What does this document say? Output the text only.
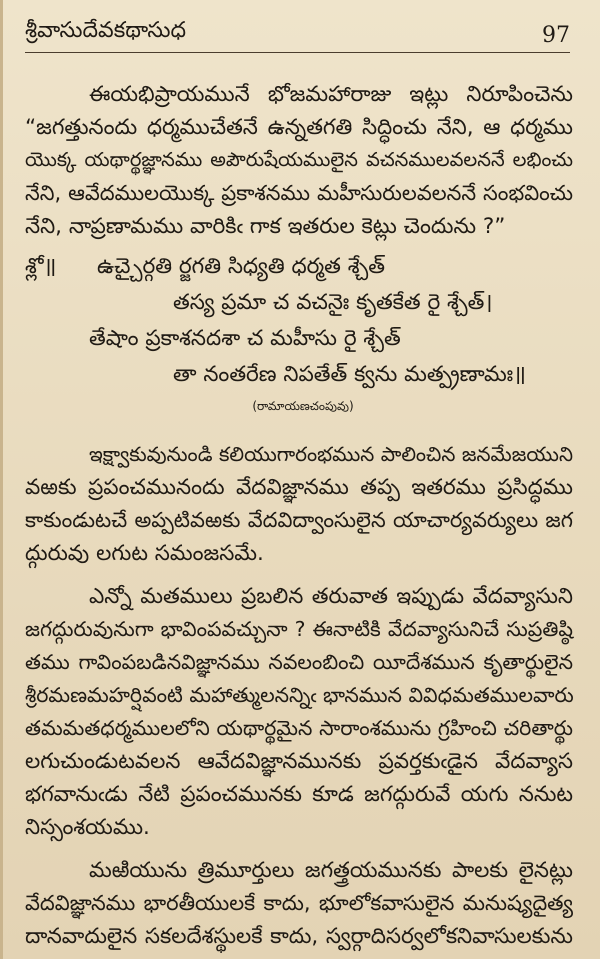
శ్రీవాసుదేవకథాసుధ	97
ఈయభిప్రాయమునే భోజమహారాజు ఇట్లు నిరూపించెను
“జగత్తునందు ధర్మముచేతనే ఉన్నతగతి సిద్ధించు నేని, ఆ ధర్మము
యొక్క యథార్థజ్ఞానము అపౌరుషేయములైన వచనములవలననే లభించు
నేని, ఆవేదములయొక్క ప్రకాశనము మహీసురులవలననే సంభవించు
నేని, నాప్రణామము వారికిఁ గాక ఇతరుల కెట్లు చెందును ?”
శ్లో॥ ఉచ్చైర్గతి ర్జగతి సిధ్యతి ధర్మత శ్చేత్
తస్య ప్రమా చ వచనైః కృతకేత రై శ్చేత్।
తేషాం ప్రకాశనదశా చ మహీసు రై శ్చేత్
తా నంతరేణ నిపతేత్ క్వను మత్ప్రణామః॥
(రామాయణచంపువు)
ఇక్ష్వాకువునుండి కలియుగారంభమున పాలించిన జనమేజయుని
వఱకు ప్రపంచమునందు వేదవిజ్ఞానము తప్ప ఇతరము ప్రసిద్ధము
కాకుండుటచే అప్పటివఱకు వేదవిద్వాంసులైన యాచార్యవర్యులు జగ
ద్గురువు లగుట సమంజసమే.
ఎన్నో మతములు ప్రబలిన తరువాత ఇప్పుడు వేదవ్యాసుని
జగద్గురువునుగా భావింపవచ్చునా ? ఈనాటికి వేదవ్యాసునిచే సుప్రతిష్ఠి
తము గావింపబడినవిజ్ఞానము నవలంబించి యీదేశమున కృతార్థులైన
శ్రీరమణమహర్షివంటి మహాత్ములనన్నిఁ భానమున వివిధమతములవారు
తమమతధర్మములలోని యథార్థమైన సారాంశమును గ్రహించి చరితార్థు
లగుచుండుటవలన ఆవేదవిజ్ఞానమునకు ప్రవర్తకుఁడైన వేదవ్యాస
భగవానుఁడు నేటి ప్రపంచమునకు కూడ జగద్గురువే యగు ననుట
నిస్సంశయము.
మఱియును త్రిమూర్తులు జగత్త్రయమునకు పాలకు లైనట్లు
వేదవిజ్ఞానము భారతీయులకే కాదు, భూలోకవాసులైన మనుష్యదైత్య
దానవాదులైన సకలదేశస్థులకే కాదు, స్వర్గాదిసర్వలోకనివాసులకును
